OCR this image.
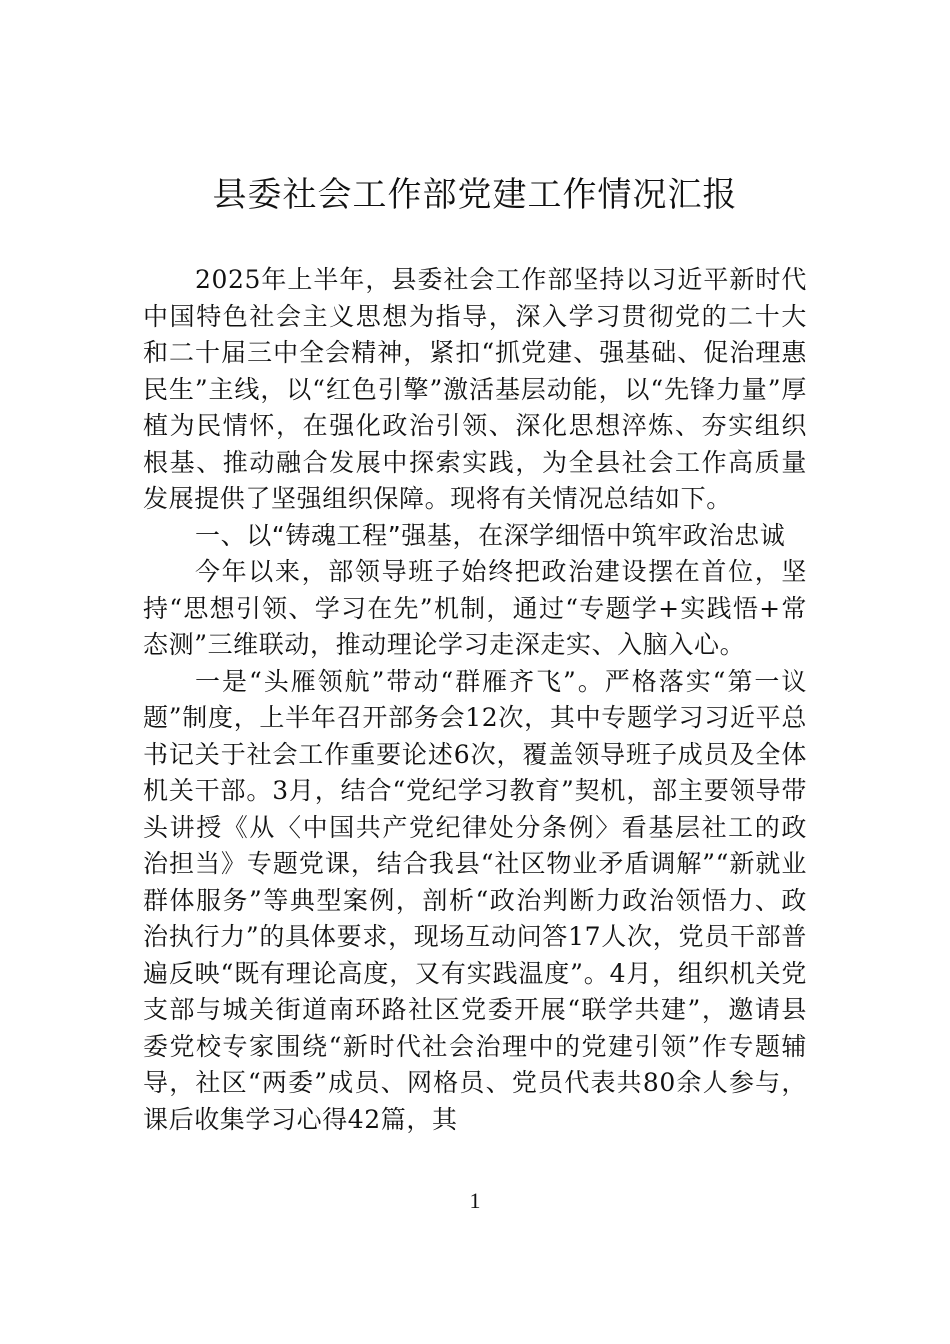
县委社会工作部党建工作情况汇报

2025年上半年，县委社会工作部坚持以习近平新时代中国特色社会主义思想为指导，深入学习贯彻党的二十大和二十届三中全会精神，紧扣“抓党建、强基础、促治理惠民生”主线，以“红色引擎”激活基层动能，以“先锋力量”厚植为民情怀，在强化政治引领、深化思想淬炼、夯实组织根基、推动融合发展中探索实践，为全县社会工作高质量发展提供了坚强组织保障。现将有关情况总结如下。

一、以“铸魂工程”强基，在深学细悟中筑牢政治忠诚

今年以来，部领导班子始终把政治建设摆在首位，坚持“思想引领、学习在先”机制，通过“专题学+实践悟+常态测”三维联动，推动理论学习走深走实、入脑入心。

一是“头雁领航”带动“群雁齐飞”。严格落实“第一议题”制度，上半年召开部务会12次，其中专题学习习近平总书记关于社会工作重要论述6次，覆盖领导班子成员及全体机关干部。3月，结合“党纪学习教育”契机，部主要领导带头讲授《从〈中国共产党纪律处分条例〉看基层社工的政治担当》专题党课，结合我县“社区物业矛盾调解”“新就业群体服务”等典型案例，剖析“政治判断力政治领悟力、政治执行力”的具体要求，现场互动问答17人次，党员干部普遍反映“既有理论高度，又有实践温度”。4月，组织机关党支部与城关街道南环路社区党委开展“联学共建”，邀请县委党校专家围绕“新时代社会治理中的党建引领”作专题辅导，社区“两委”成员、网格员、党员代表共80余人参与，课后收集学习心得42篇，其

1
